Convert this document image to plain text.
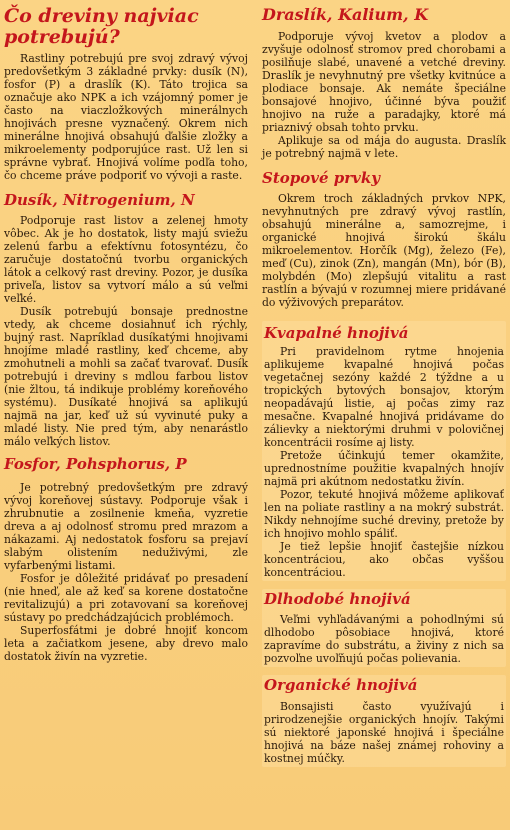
Čo dreviny najviac potrebujú?

Rastliny potrebujú pre svoj zdravý vývoj predovšetkým 3 základné prvky: dusík (N), fosfor (P) a draslík (K). Táto trojica sa označuje ako NPK a ich vzájomný pomer je často na viaczložkových minerálnych hnojivách presne vyznačený. Okrem nich minerálne hnojivá obsahujú ďalšie zložky a mikroelementy podporujúce rast. Už len si správne vybrať. Hnojivá volíme podľa toho, čo chceme práve podporiť vo vývoji a raste.

Dusík, Nitrogenium, N

Podporuje rast listov a zelenej hmoty vôbec. Ak je ho dostatok, listy majú sviežu zelenú farbu a efektívnu fotosyntézu, čo zaručuje dostatočnú tvorbu organických látok a celkový rast dreviny. Pozor, je dusíka priveľa, listov sa vytvorí málo a sú veľmi veľké.

Dusík potrebujú bonsaje prednostne vtedy, ak chceme dosiahnuť ich rýchly, bujný rast. Napríklad dusíkatými hnojivami hnojíme mladé rastliny, keď chceme, aby zmohutneli a mohli sa začať tvarovať. Dusík potrebujú i dreviny s mdlou farbou listov (nie žltou, tá indikuje problémy koreňového systému). Dusíkaté hnojivá sa aplikujú najmä na jar, keď už sú vyvinuté puky a mladé listy. Nie pred tým, aby nenarástlo málo veľkých listov.

Fosfor, Pohsphorus, P

Je potrebný predovšetkým pre zdravý vývoj koreňovej sústavy. Podporuje však i zhrubnutie a zosilnenie kmeňa, vyzretie dreva a aj odolnosť stromu pred mrazom a nákazami. Aj nedostatok fosforu sa prejaví slabým olistením neduživými, zle vyfarbenými listami.

Fosfor je dôležité pridávať po presadení (nie hneď, ale až keď sa korene dostatočne revitalizujú) a pri zotavovaní sa koreňovej sústavy po predchádzajúcich problémoch.

Superfosfátmi je dobré hnojiť koncom leta a začiatkom jesene, aby drevo malo dostatok živín na vyzretie.

Draslík, Kalium, K

Podporuje vývoj kvetov a plodov a zvyšuje odolnosť stromov pred chorobami a posilňuje slabé, unavené a vetché dreviny. Draslík je nevyhnutný pre všetky kvitnúce a plodiace bonsaje. Ak nemáte špeciálne bonsajové hnojivo, účinné býva použiť hnojivo na ruže a paradajky, ktoré má priaznivý obsah tohto prvku.

Aplikuje sa od mája do augusta. Draslík je potrebný najmä v lete.

Stopové prvky

Okrem troch základných prvkov NPK, nevyhnutných pre zdravý vývoj rastlín, obsahujú minerálne a, samozrejme, i organické hnojivá širokú škálu mikroelementov. Horčík (Mg), železo (Fe), meď (Cu), zinok (Zn), mangán (Mn), bór (B), molybdén (Mo) zlepšujú vitalitu a rast rastlín a bývajú v rozumnej miere pridávané do výživových preparátov.

Kvapalné hnojivá

Pri pravidelnom rytme hnojenia aplikujeme kvapalné hnojivá počas vegetačnej sezóny každé 2 týždne a u tropických bytových bonsajov, ktorým neopadávajú listie, aj počas zimy raz mesačne. Kvapalné hnojivá pridávame do zálievky a niektorými druhmi v polovičnej koncentrácii rosíme aj listy.

Pretože účinkujú temer okamžite, uprednostníme použitie kvapalných hnojív najmä pri akútnom nedostatku živín.

Pozor, tekuté hnojivá môžeme aplikovať len na poliate rastliny a na mokrý substrát. Nikdy nehnojíme suché dreviny, pretože by ich hnojivo mohlo spáliť.

Je tiež lepšie hnojiť častejšie nízkou koncentráciou, ako občas vyššou koncentráciou.

Dlhodobé hnojivá

Veľmi vyhľadávanými a pohodlnými sú dlhodobo pôsobiace hnojivá, ktoré zapravíme do substrátu, a živiny z nich sa pozvoľne uvoľňujú počas polievania.

Organické hnojivá

Bonsajisti často využívajú i prirodzenejšie organických hnojív. Takými sú niektoré japonské hnojivá i špeciálne hnojivá na báze našej známej rohoviny a kostnej múčky.
